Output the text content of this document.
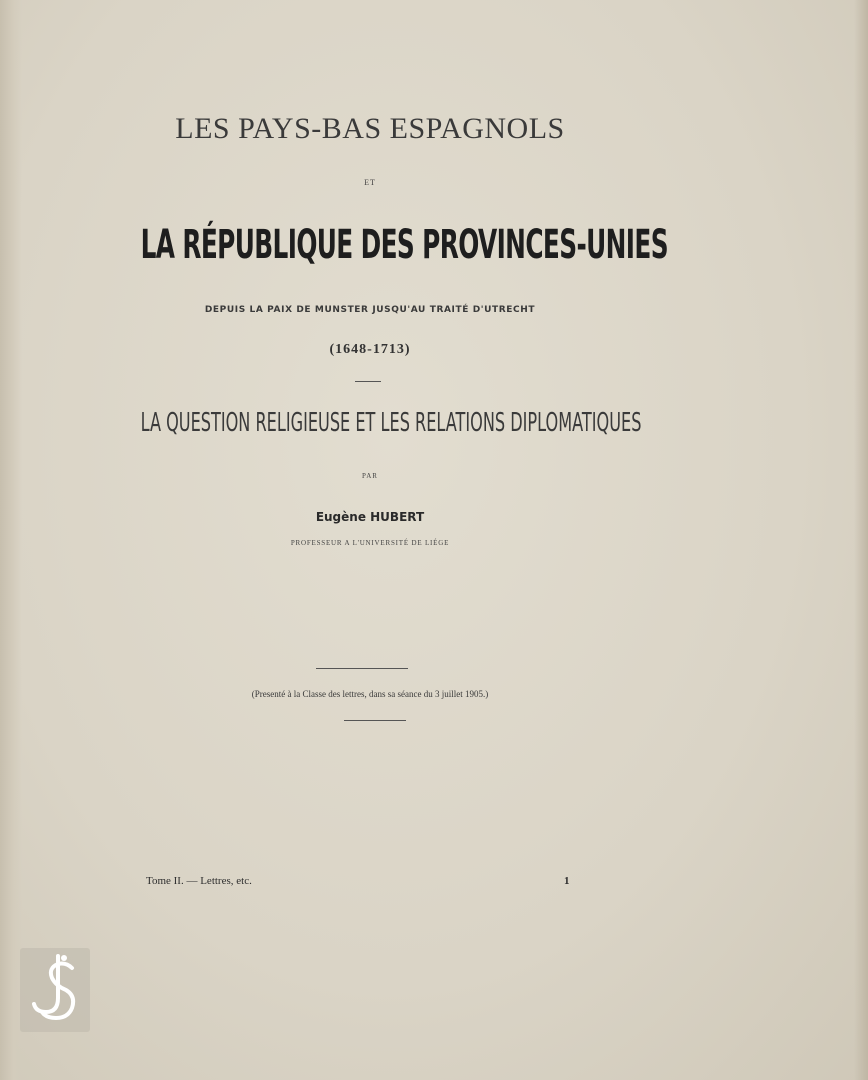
LES PAYS-BAS ESPAGNOLS
ET
LA RÉPUBLIQUE DES PROVINCES-UNIES
DEPUIS LA PAIX DE MUNSTER JUSQU'AU TRAITÉ D'UTRECHT
(1648-1713)
LA QUESTION RELIGIEUSE ET LES RELATIONS DIPLOMATIQUES
PAR
Eugène HUBERT
PROFESSEUR A L'UNIVERSITÉ DE LIÉGE
(Presenté à la Classe des lettres, dans sa séance du 3 juillet 1905.)
Tome II. — Lettres, etc.	1
